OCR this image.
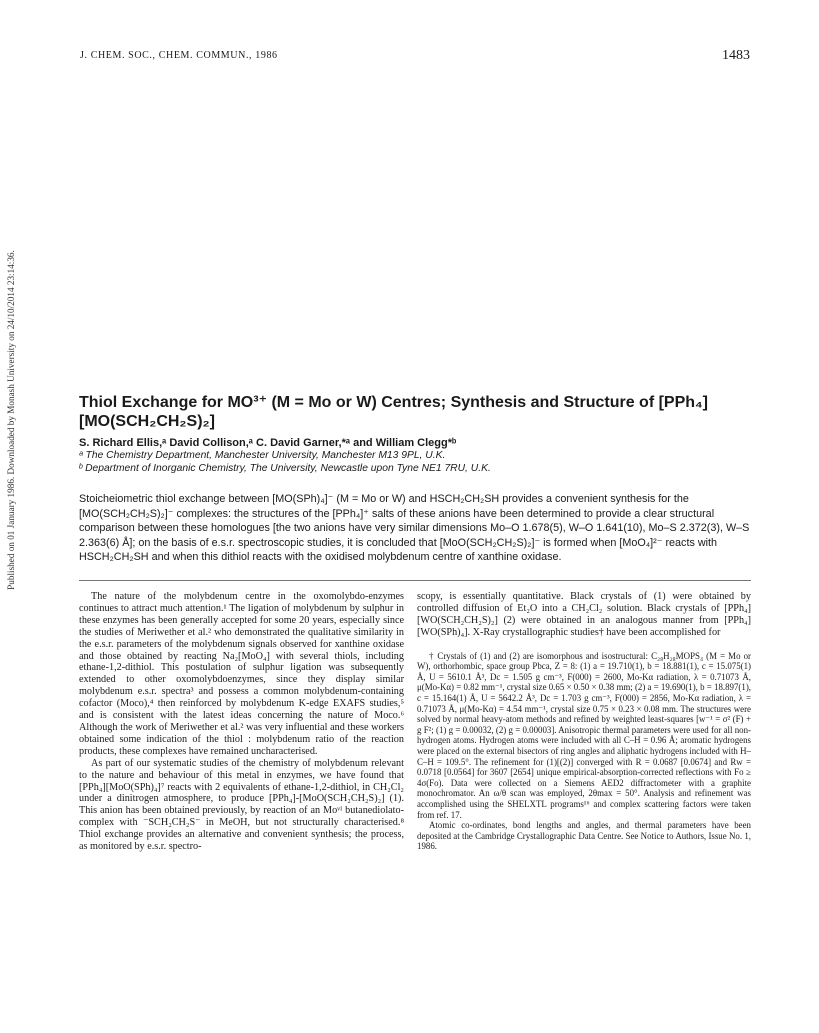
J. CHEM. SOC., CHEM. COMMUN., 1986	1483
Published on 01 January 1986. Downloaded by Monash University on 24/10/2014 23:14:36.	Thiol Exchange for MO³⁺ (M = Mo or W) Centres; Synthesis and Structure of [PPh₄][MO(SCH₂CH₂S)₂]
S. Richard Ellis,ᵃ David Collison,ᵃ C. David Garner,*ᵃ and William Clegg*ᵇ
ᵃ The Chemistry Department, Manchester University, Manchester M13 9PL, U.K.
ᵇ Department of Inorganic Chemistry, The University, Newcastle upon Tyne NE1 7RU, U.K.

Stoicheiometric thiol exchange between [MO(SPh)₄]⁻ (M = Mo or W) and HSCH₂CH₂SH provides a convenient synthesis for the [MO(SCH₂CH₂S)₂]⁻ complexes: the structures of the [PPh₄]⁺ salts of these anions have been determined to provide a clear structural comparison between these homologues [the two anions have very similar dimensions Mo–O 1.678(5), W–O 1.641(10), Mo–S 2.372(3), W–S 2.363(6) Å]; on the basis of e.s.r. spectroscopic studies, it is concluded that [MoO(SCH₂CH₂S)₂]⁻ is formed when [MoO₄]²⁻ reacts with HSCH₂CH₂SH and when this dithiol reacts with the oxidised molybdenum centre of xanthine oxidase.

The nature of the molybdenum centre in the oxomolybdo-enzymes continues to attract much attention.¹ The ligation of molybdenum by sulphur in these enzymes has been generally accepted for some 20 years, especially since the studies of Meriwether et al.² who demonstrated the qualitative similarity in the e.s.r. parameters of the molybdenum signals observed for xanthine oxidase and those obtained by reacting Na₂[MoO₄] with several thiols, including ethane-1,2-dithiol. This postulation of sulphur ligation was subsequently extended to other oxomolybdoenzymes, since they display similar molybdenum e.s.r. spectra³ and possess a common molybdenum-containing cofactor (Moco),⁴ then reinforced by molybdenum K-edge EXAFS studies,⁵ and is consistent with the latest ideas concerning the nature of Moco.⁶ Although the work of Meriwether et al.² was very influential and these workers obtained some indication of the thiol : molybdenum ratio of the reaction products, these complexes have remained uncharacterised.

As part of our systematic studies of the chemistry of molybdenum relevant to the nature and behaviour of this metal in enzymes, we have found that [PPh₄][MoO(SPh)₄]⁷ reacts with 2 equivalents of ethane-1,2-dithiol, in CH₂Cl₂ under a dinitrogen atmosphere, to produce [PPh₄]-[MoO(SCH₂CH₂S)₂] (1). This anion has been obtained previously, by reaction of an Moᵛᴵ butanediolato-complex with ⁻SCH₂CH₂S⁻ in MeOH, but not structurally characterised.⁸ Thiol exchange provides an alternative and convenient synthesis; the process, as monitored by e.s.r. spectro-

scopy, is essentially quantitative. Black crystals of (1) were obtained by controlled diffusion of Et₂O into a CH₂Cl₂ solution. Black crystals of [PPh₄][WO(SCH₂CH₂S)₂] (2) were obtained in an analogous manner from [PPh₄][WO(SPh)₄]. X-Ray crystallographic studies† have been accomplished for

† Crystals of (1) and (2) are isomorphous and isostructural: C₂₈H₂₈MOPS₄ (M = Mo or W), orthorhombic, space group Pbca, Z = 8: (1) a = 19.710(1), b = 18.881(1), c = 15.075(1) Å, U = 5610.1 Å³, Dc = 1.505 g cm⁻³, F(000) = 2600, Mo-Kα radiation, λ = 0.71073 Å, μ(Mo-Kα) = 0.82 mm⁻¹, crystal size 0.65 × 0.50 × 0.38 mm; (2) a = 19.690(1), b = 18.897(1), c = 15.164(1) Å, U = 5642.2 Å³, Dc = 1.703 g cm⁻³, F(000) = 2856, Mo-Kα radiation, λ = 0.71073 Å, μ(Mo-Kα) = 4.54 mm⁻¹, crystal size 0.75 × 0.23 × 0.08 mm. The structures were solved by normal heavy-atom methods and refined by weighted least-squares [w⁻¹ = σ² (F) + g F²; (1) g = 0.00032, (2) g = 0.00003]. Anisotropic thermal parameters were used for all non-hydrogen atoms. Hydrogen atoms were included with all C–H = 0.96 Å; aromatic hydrogens were placed on the external bisectors of ring angles and aliphatic hydrogens included with H–C–H = 109.5°. The refinement for (1)[(2)] converged with R = 0.0687 [0.0674] and Rw = 0.0718 [0.0564] for 3607 [2654] unique empirical-absorption-corrected reflections with Fo ≥ 4σ(Fo). Data were collected on a Siemens AED2 diffractometer with a graphite monochromator. An ω/θ scan was employed, 2θmax = 50°. Analysis and refinement was accomplished using the SHELXTL programs¹⁶ and complex scattering factors were taken from ref. 17.

Atomic co-ordinates, bond lengths and angles, and thermal parameters have been deposited at the Cambridge Crystallographic Data Centre. See Notice to Authors, Issue No. 1, 1986.
